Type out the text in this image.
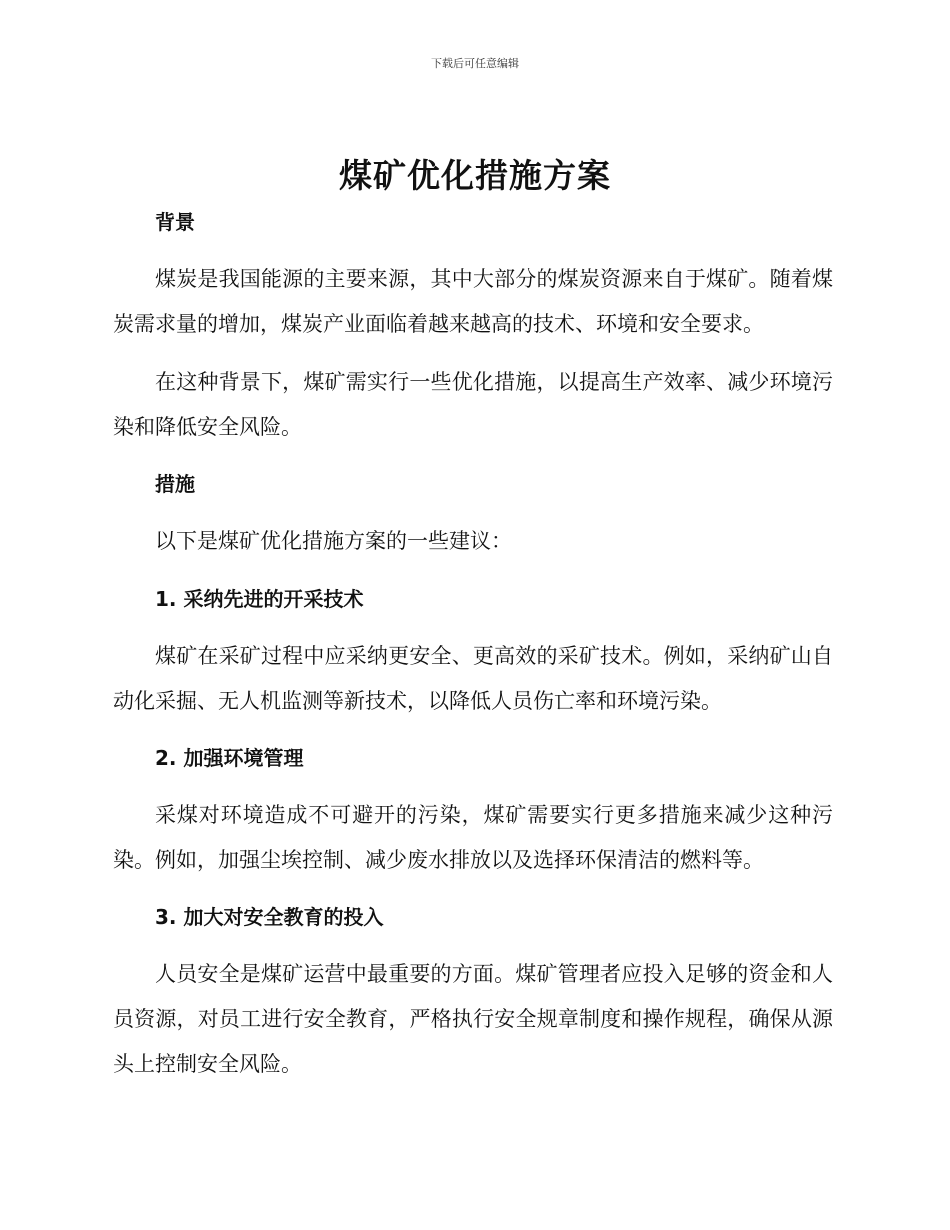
下载后可任意编辑
煤矿优化措施方案
背景

煤炭是我国能源的主要来源，其中大部分的煤炭资源来自于煤矿。随着煤炭需求量的增加，煤炭产业面临着越来越高的技术、环境和安全要求。

在这种背景下，煤矿需实行一些优化措施，以提高生产效率、减少环境污染和降低安全风险。

措施

以下是煤矿优化措施方案的一些建议：

1. 采纳先进的开采技术

煤矿在采矿过程中应采纳更安全、更高效的采矿技术。例如，采纳矿山自动化采掘、无人机监测等新技术，以降低人员伤亡率和环境污染。

2. 加强环境管理

采煤对环境造成不可避开的污染，煤矿需要实行更多措施来减少这种污染。例如，加强尘埃控制、减少废水排放以及选择环保清洁的燃料等。

3. 加大对安全教育的投入

人员安全是煤矿运营中最重要的方面。煤矿管理者应投入足够的资金和人员资源，对员工进行安全教育，严格执行安全规章制度和操作规程，确保从源头上控制安全风险。
